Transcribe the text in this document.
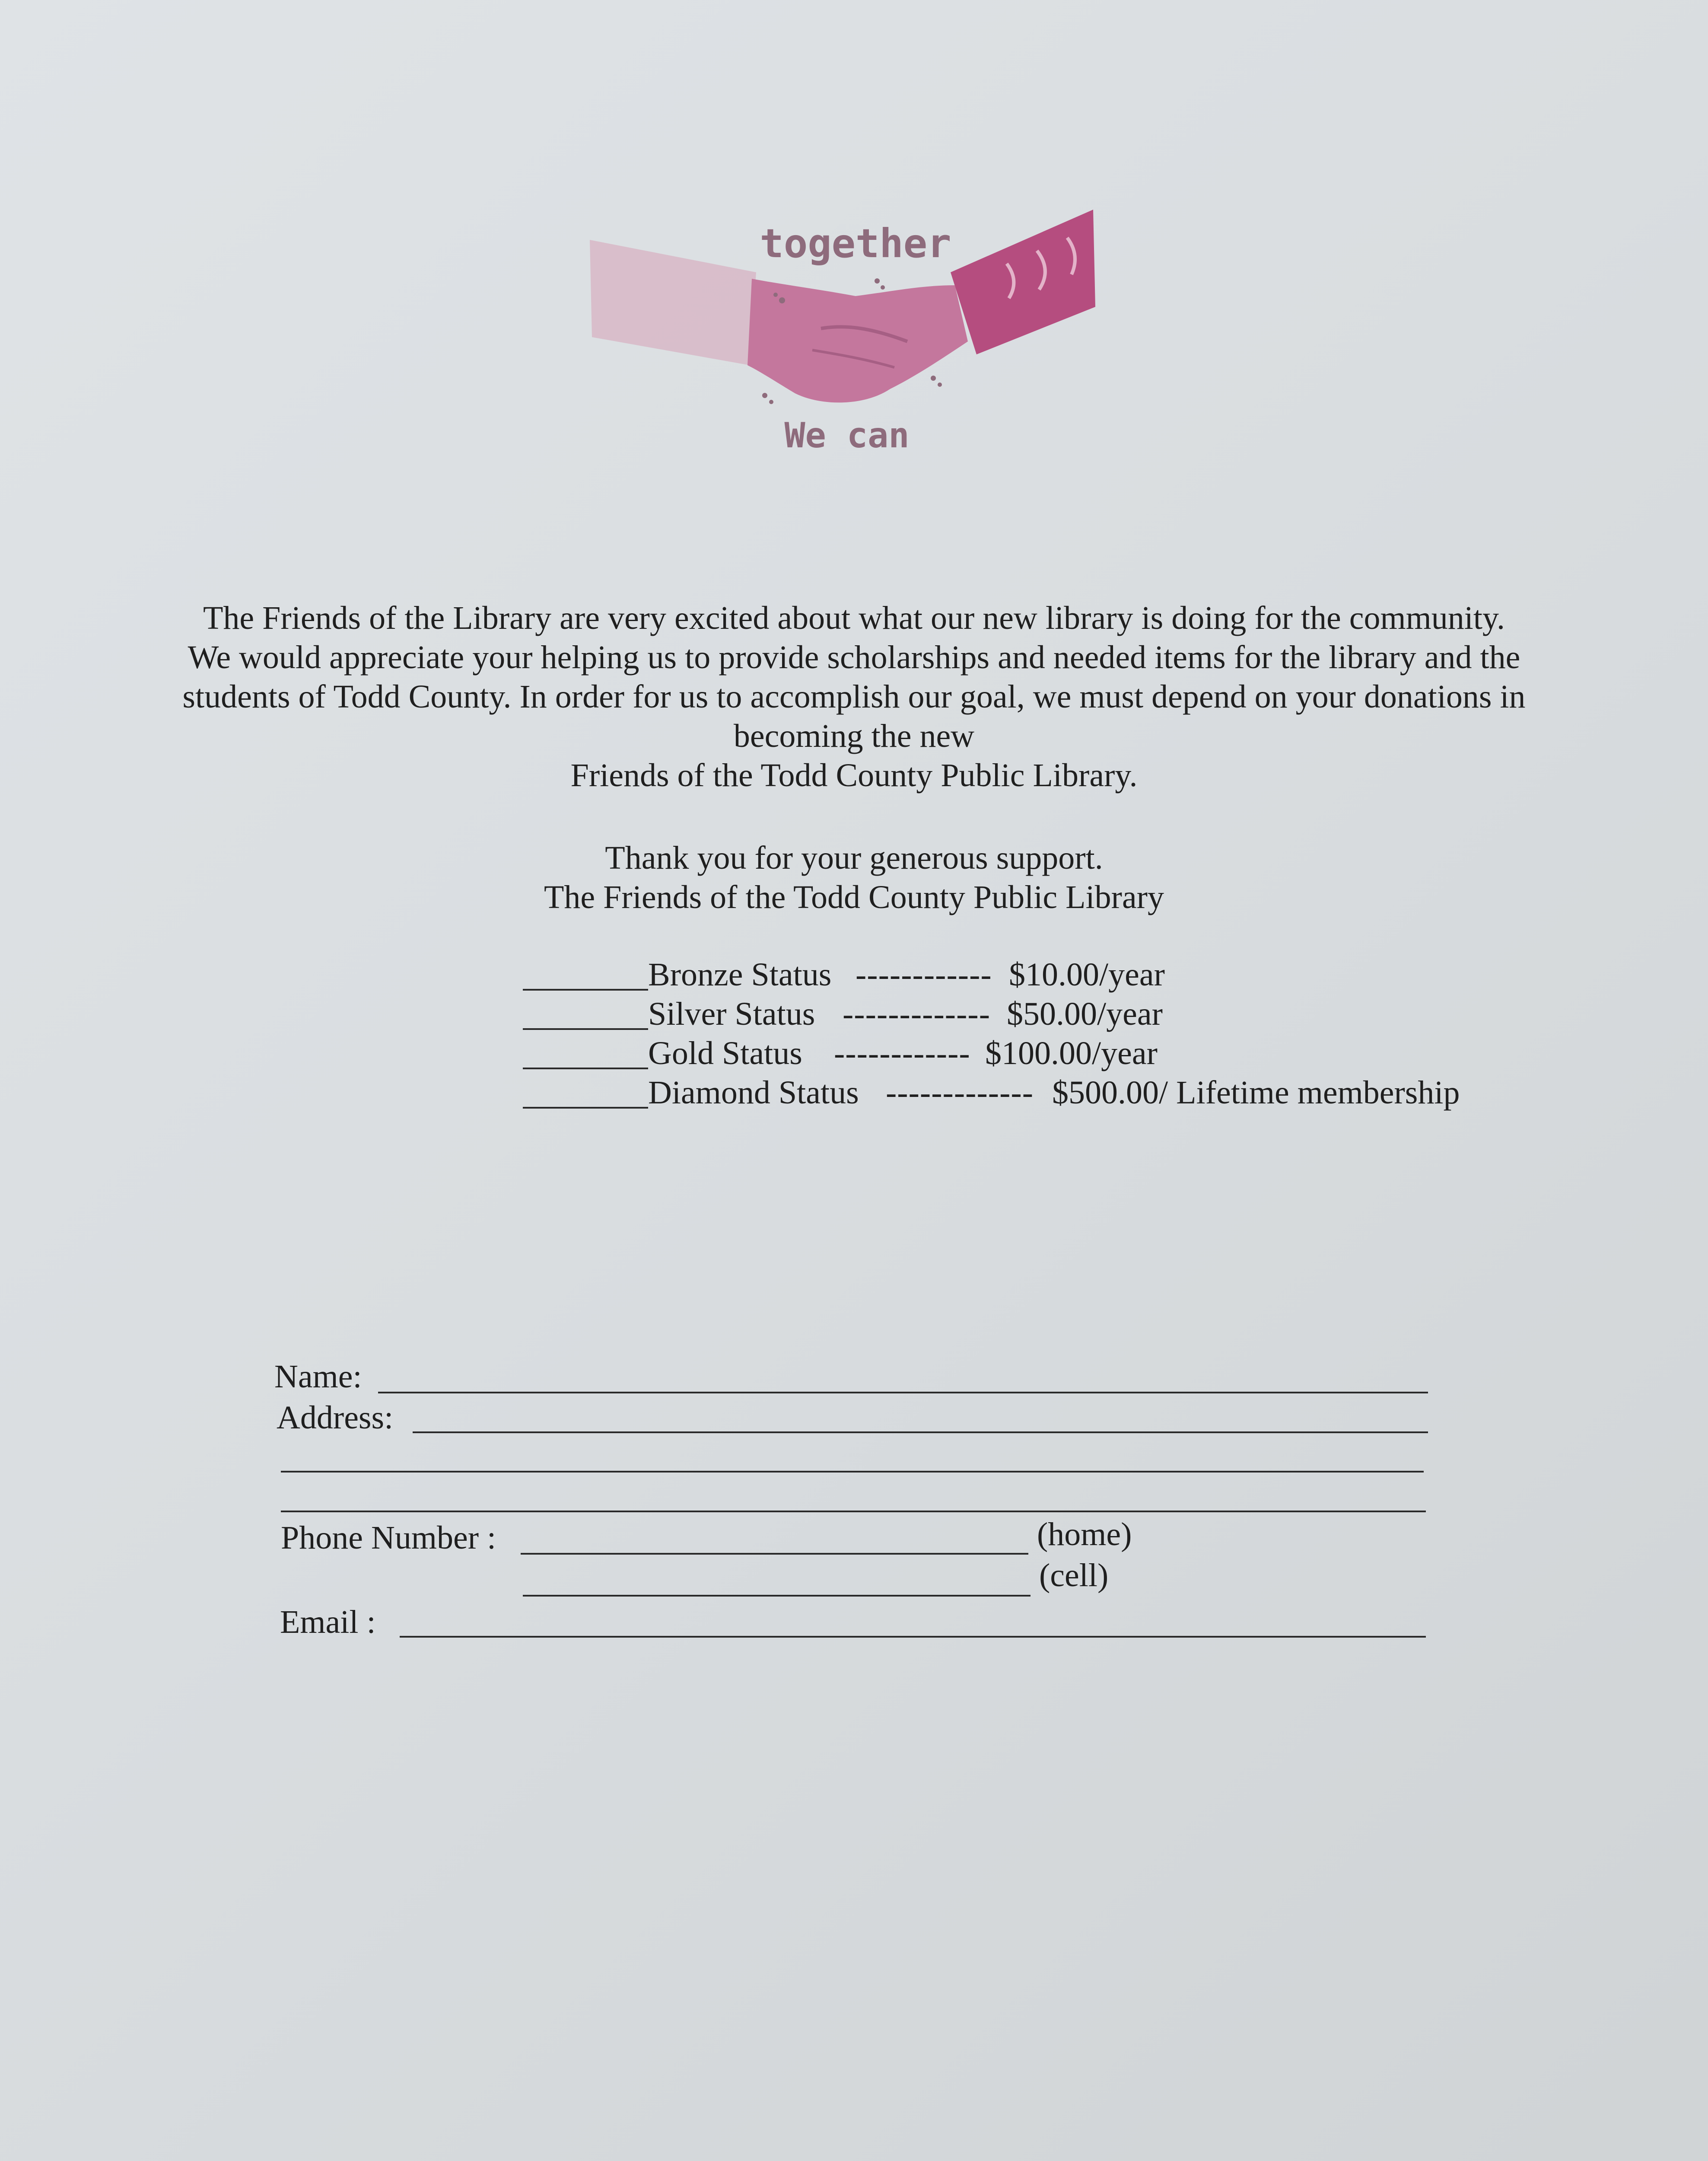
together
We can
The Friends of the Library are very excited about what our new library is doing for the community.
We would appreciate your helping us to provide scholarships and needed items for the library and the
students of Todd County. In order for us to accomplish our goal, we must depend on your donations in
becoming the new
Friends of the Todd County Public Library.
Thank you for your generous support.
The Friends of the Todd County Public Library
Bronze Status ------------ $10.00/year
Silver Status ------------- $50.00/year
Gold Status ------------ $100.00/year
Diamond Status ------------- $500.00/ Lifetime membership
Name:
Address:
Phone Number :	(home)
(cell)
Email :
